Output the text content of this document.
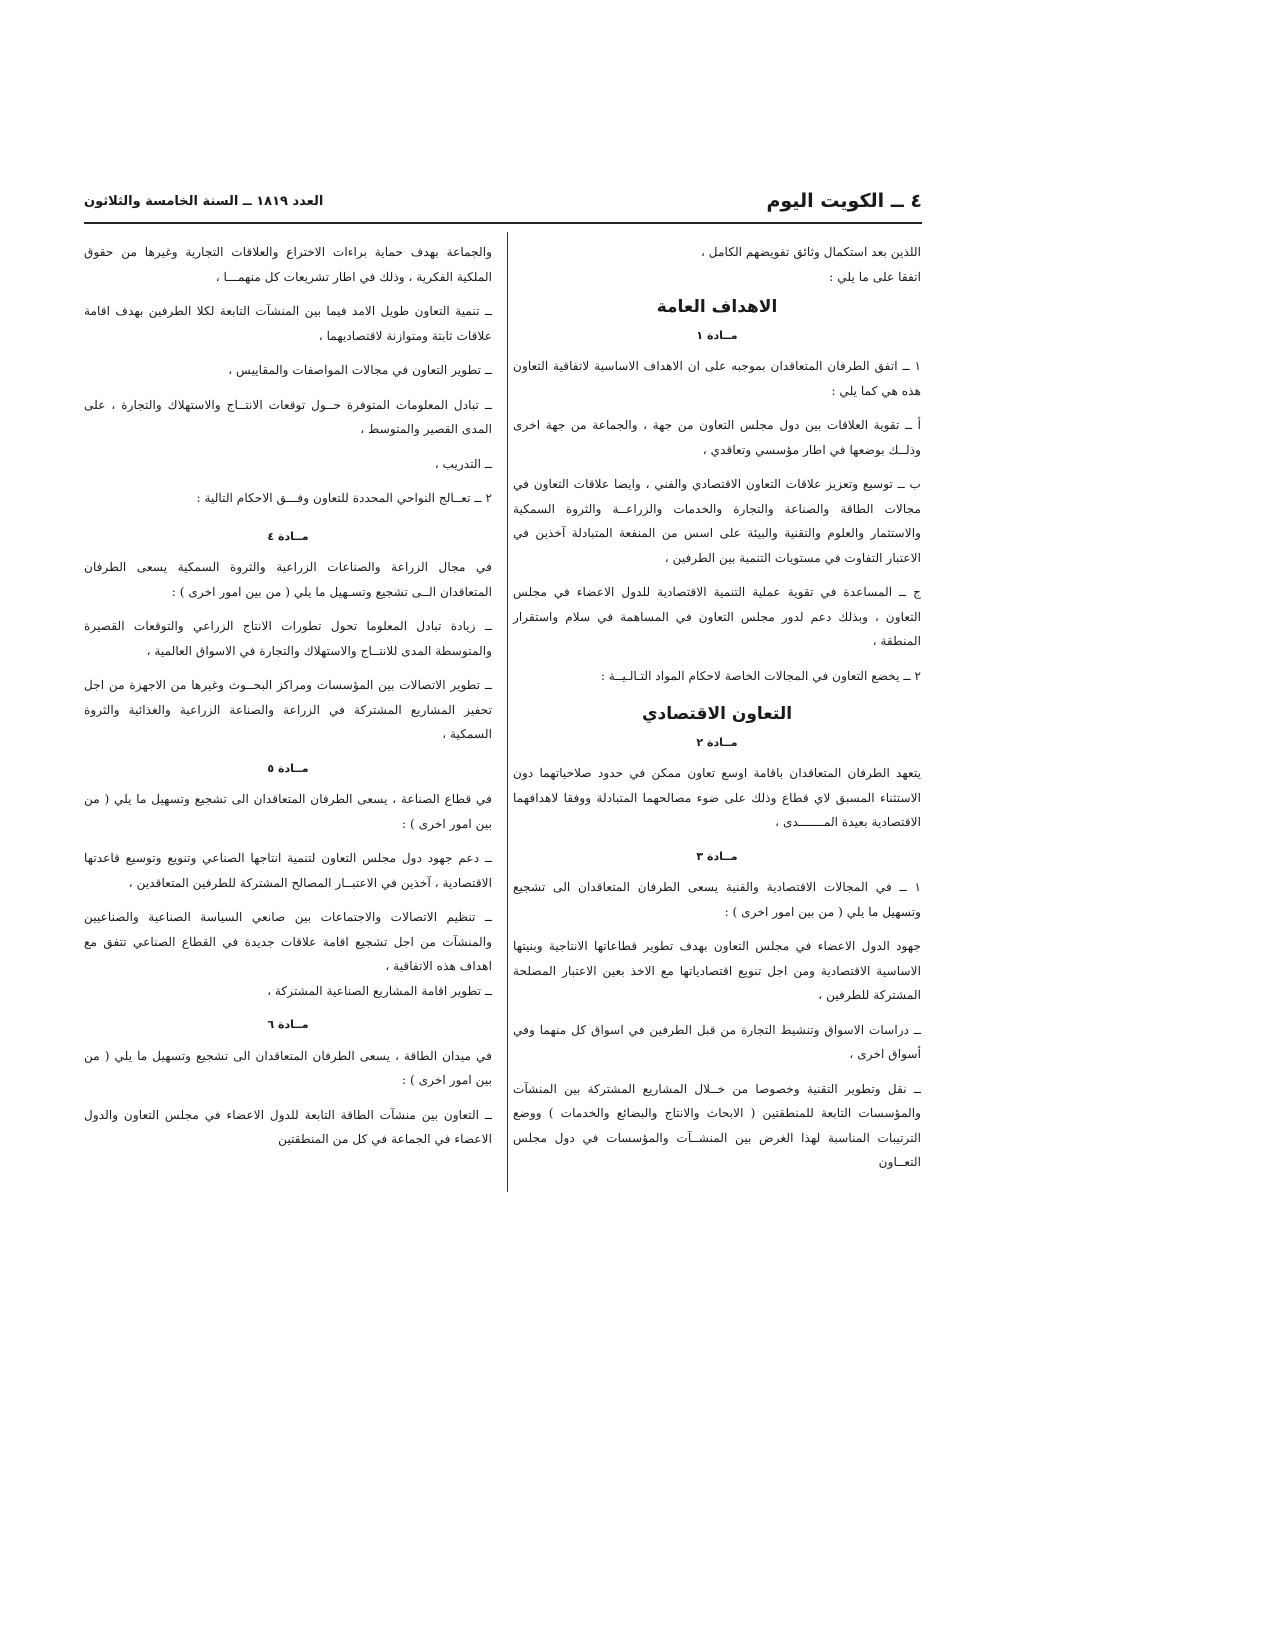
٤ ــ الكويت اليوم
العدد ١٨١٩ ــ السنة الخامسة والثلاثون

اللذين بعد استكمال وثائق تفويضهم الكامل ،

اتفقا على ما يلي :

الاهداف العامة
مــادة ١

١ ــ اتفق الطرفان المتعاقدان بموجبه على ان الاهداف الاساسية لاتفاقية التعاون هذه هي كما يلي :

أ ــ تقوية العلاقات بين دول مجلس التعاون من جهة ، والجماعة من جهة اخرى وذلــك بوضعها في اطار مؤسسي وتعاقدي ،

ب ــ توسيع وتعزيز علاقات التعاون الاقتصادي والفني ، وايضا علاقات التعاون في مجالات الطاقة والصناعة والتجارة والخدمات والزراعــة والثروة السمكية والاستثمار والعلوم والتقنية والبيئة على اسس من المنفعة المتبادلة آخذين في الاعتبار التفاوت في مستويات التنمية بين الطرفين ،

ج ــ المساعدة في تقوية عملية التنمية الاقتصادية للدول الاعضاء في مجلس التعاون ، وبذلك دعم لدور مجلس التعاون في المساهمة في سلام واستقرار المنطقة ،

٢ ــ يخضع التعاون في المجالات الخاصة لاحكام المواد التـالـيــة :

التعاون الاقتصادي
مــادة ٢

يتعهد الطرفان المتعاقدان باقامة اوسع تعاون ممكن في حدود صلاحياتهما دون الاستثناء المسبق لاي قطاع وذلك على ضوء مصالحهما المتبادلة ووفقا لاهدافهما الاقتصادية بعيدة المـــــــدى ،

مــادة ٣

١ ــ في المجالات الاقتصادية والفنية يسعى الطرفان المتعاقدان الى تشجيع وتسهيل ما يلي ( من بين امور اخرى ) :

جهود الدول الاعضاء في مجلس التعاون بهدف تطوير قطاعاتها الانتاجية وبنيتها الاساسية الاقتصادية ومن اجل تنويع اقتصادياتها مع الاخذ بعين الاعتبار المصلحة المشتركة للطرفين ،

ــ دراسات الاسواق وتنشيط التجارة من قبل الطرفين في اسواق كل منهما وفي أسواق اخرى ،

ــ نقل وتطوير التقنية وخصوصا من خــلال المشاريع المشتركة بين المنشآت والمؤسسات التابعة للمنطقتين ( الابحاث والانتاج والبضائع والخدمات ) ووضع الترتيبات المناسبة لهذا الغرض بين المنشــآت والمؤسسات في دول مجلس التعــاون

والجماعة بهدف حماية براءات الاختراع والعلاقات التجارية وغيرها من حقوق الملكية الفكرية ، وذلك في اطار تشريعات كل منهمـــا ،

ــ تنمية التعاون طويل الامد فيما بين المنشآت التابعة لكلا الطرفين بهدف اقامة علاقات ثابتة ومتوازنة لاقتصاديهما ،

ــ تطوير التعاون في مجالات المواصفات والمقاييس ،

ــ تبادل المعلومات المتوفرة حــول توقعات الانتــاج والاستهلاك والتجارة ، على المدى القصير والمتوسط ،

ــ التدريب ،

٢ ــ تعــالج النواحي المحددة للتعاون وفـــق الاحكام التالية :

مــادة ٤

في مجال الزراعة والصناعات الزراعية والثروة السمكية يسعى الطرفان المتعاقدان الــى تشجيع وتسـهيل ما يلي ( من بين امور اخرى ) :

ــ زيادة تبادل المعلوما تحول تطورات الانتاج الزراعي والتوقعات القصيرة والمتوسطة المدى للانتــاج والاستهلاك والتجارة في الاسواق العالمية ،

ــ تطوير الاتصالات بين المؤسسات ومراكز البحــوث وغيرها من الاجهزة من اجل تحفيز المشاريع المشتركة في الزراعة والصناعة الزراعية والغذائية والثروة السمكية ،

مــادة ٥

في قطاع الصناعة ، يسعى الطرفان المتعاقدان الى تشجيع وتسهيل ما يلي ( من بين امور اخرى ) :

ــ دعم جهود دول مجلس التعاون لتنمية انتاجها الصناعي وتنويع وتوسيع قاعدتها الاقتصادية ، آخذين في الاعتبــار المصالح المشتركة للطرفين المتعاقدين ،

ــ تنظيم الاتصالات والاجتماعات بين صانعي السياسة الصناعية والصناعيين والمنشآت من اجل تشجيع اقامة علاقات جديدة في القطاع الصناعي تتفق مع اهداف هذه الاتفاقية ،

ــ تطوير اقامة المشاريع الصناعية المشتركة ،

مــادة ٦

في ميدان الطاقة ، يسعى الطرفان المتعاقدان الى تشجيع وتسهيل ما يلي ( من بين امور اخرى ) :

ــ التعاون بين منشآت الطاقة التابعة للدول الاعضاء في مجلس التعاون والدول الاعضاء في الجماعة في كل من المنطقتين
